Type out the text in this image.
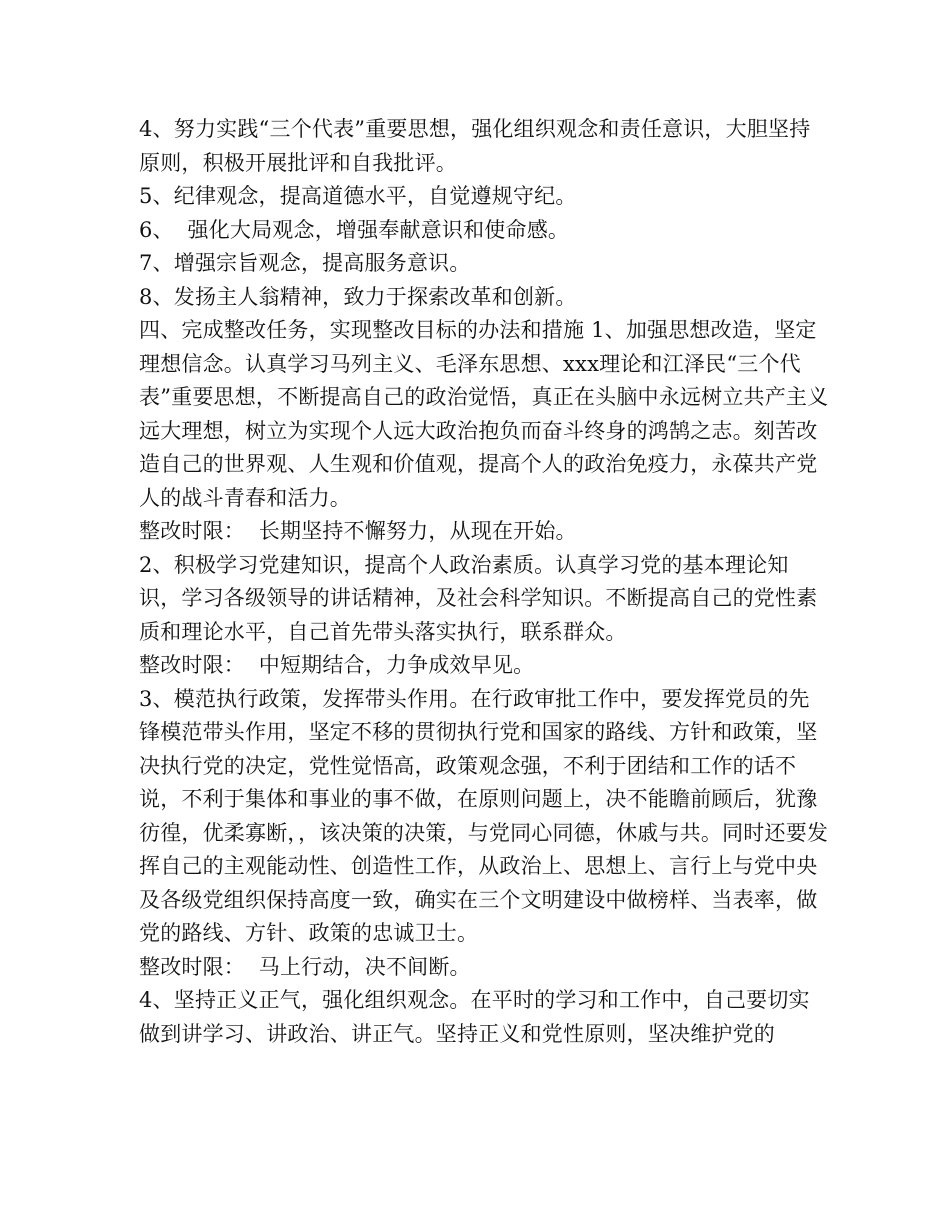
4、努力实践“三个代表”重要思想，强化组织观念和责任意识，大胆坚持原则，积极开展批评和自我批评。

5、纪律观念，提高道德水平，自觉遵规守纪。

6、  强化大局观念，增强奉献意识和使命感。

7、增强宗旨观念，提高服务意识。

8、发扬主人翁精神，致力于探索改革和创新。

四、完成整改任务，实现整改目标的办法和措施 1、加强思想改造，坚定理想信念。认真学习马列主义、毛泽东思想、xxx理论和江泽民“三个代表”重要思想，不断提高自己的政治觉悟，真正在头脑中永远树立共产主义远大理想，树立为实现个人远大政治抱负而奋斗终身的鸿鹄之志。刻苦改造自己的世界观、人生观和价值观，提高个人的政治免疫力，永葆共产党人的战斗青春和活力。

整改时限：  长期坚持不懈努力，从现在开始。

2、积极学习党建知识，提高个人政治素质。认真学习党的基本理论知识，学习各级领导的讲话精神，及社会科学知识。不断提高自己的党性素质和理论水平，自己首先带头落实执行，联系群众。

整改时限：  中短期结合，力争成效早见。

3、模范执行政策，发挥带头作用。在行政审批工作中，要发挥党员的先锋模范带头作用，坚定不移的贯彻执行党和国家的路线、方针和政策，坚决执行党的决定，党性觉悟高，政策观念强，不利于团结和工作的话不说，不利于集体和事业的事不做，在原则问题上，决不能瞻前顾后，犹豫彷徨，优柔寡断，，该决策的决策，与党同心同德，休戚与共。同时还要发挥自己的主观能动性、创造性工作，从政治上、思想上、言行上与党中央及各级党组织保持高度一致，确实在三个文明建设中做榜样、当表率，做党的路线、方针、政策的忠诚卫士。

整改时限：  马上行动，决不间断。

4、坚持正义正气，强化组织观念。在平时的学习和工作中，自己要切实做到讲学习、讲政治、讲正气。坚持正义和党性原则，坚决维护党的
